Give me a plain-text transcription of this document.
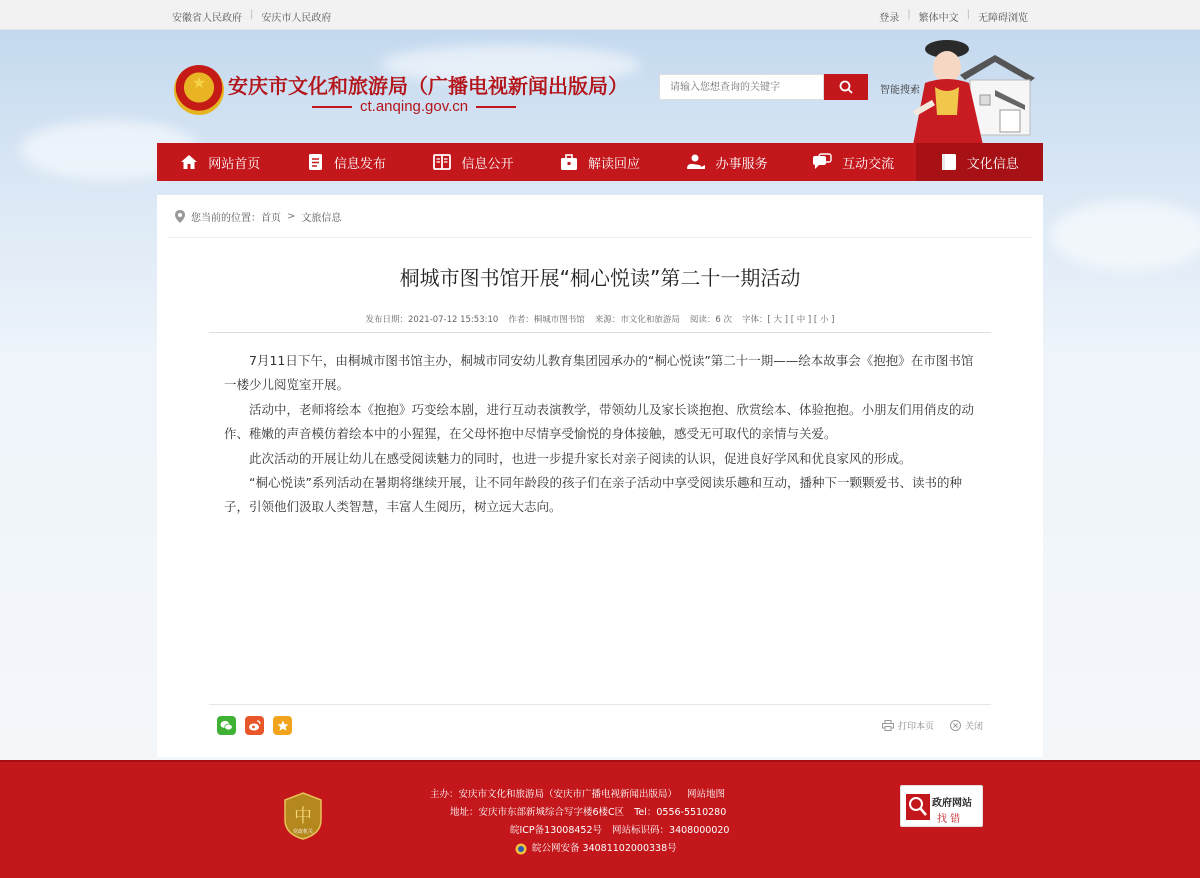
安徽省人民政府 | 安庆市人民政府	登录 | 繁体中文 | 无障碍浏览
★	安庆市文化和旅游局（广播电视新闻出版局）
ct.anqing.gov.cn
请输入您想查询的关键字
智能搜索
网站首页	信息发布	信息公开	解读回应	办事服务	互动交流	文化信息
您当前的位置：首页 > 文旅信息
桐城市图书馆开展“桐心悦读”第二十一期活动
发布日期：2021-07-12 15:53:10 作者：桐城市图书馆 来源：市文化和旅游局 阅读：6 次 字体：[ 大 ] [ 中 ] [ 小 ]

7月11日下午，由桐城市图书馆主办，桐城市同安幼儿教育集团园承办的“桐心悦读”第二十一期——绘本故事会《抱抱》在市图书馆一楼少儿阅览室开展。

活动中，老师将绘本《抱抱》巧变绘本剧，进行互动表演教学，带领幼儿及家长谈抱抱、欣赏绘本、体验抱抱。小朋友们用俏皮的动作、稚嫩的声音模仿着绘本中的小猩猩，在父母怀抱中尽情享受愉悦的身体接触，感受无可取代的亲情与关爱。

此次活动的开展让幼儿在感受阅读魅力的同时，也进一步提升家长对亲子阅读的认识，促进良好学风和优良家风的形成。

“桐心悦读”系列活动在暑期将继续开展，让不同年龄段的孩子们在亲子活动中享受阅读乐趣和互动，播种下一颗颗爱书、读书的种子，引领他们汲取人类智慧，丰富人生阅历，树立远大志向。

打印本页	关闭
中
党政机关
主办：安庆市文化和旅游局（安庆市广播电视新闻出版局） 网站地图
地址：安庆市东部新城综合写字楼6楼C区 Tel：0556-5510280
皖ICP备13008452号 网站标识码：3408000020
皖公网安备 34081102000338号
政府网站
找 错
